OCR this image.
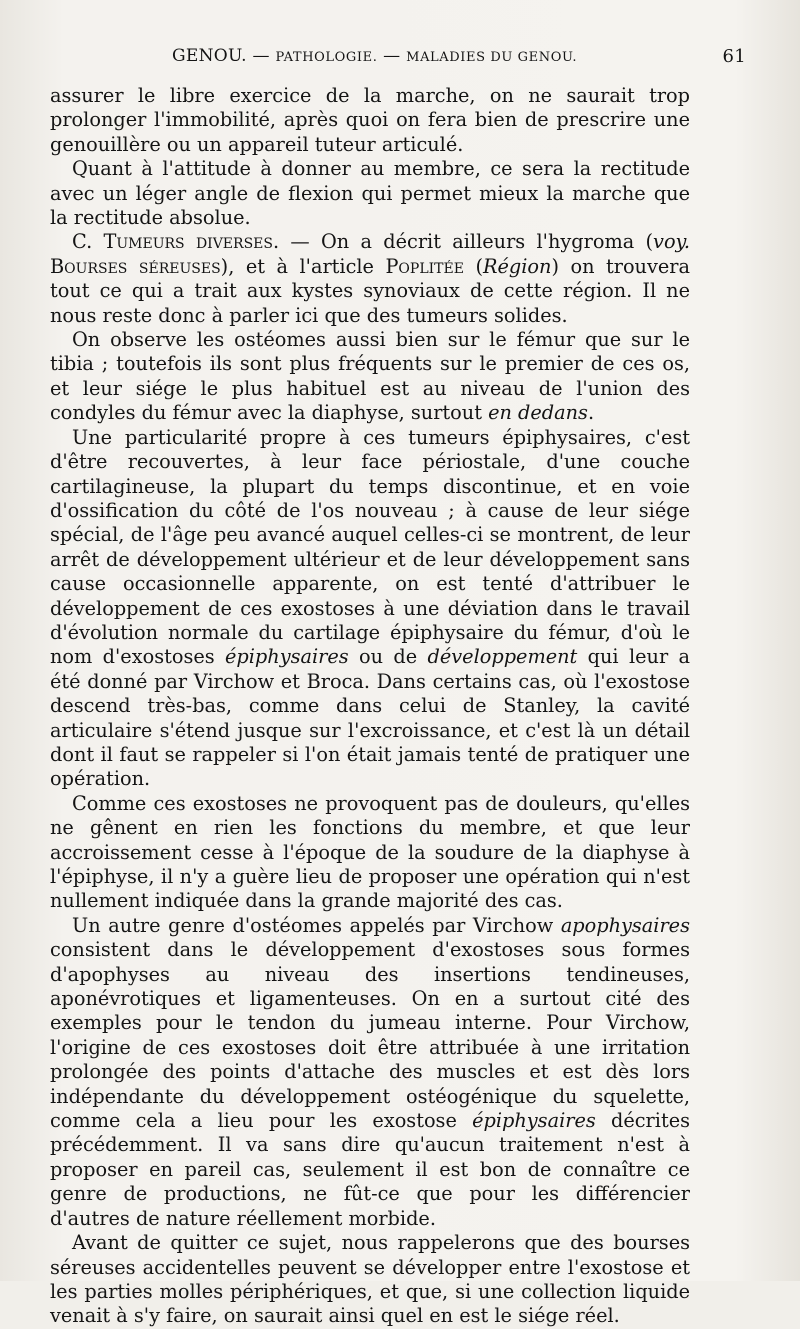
GENOU. — PATHOLOGIE. — MALADIES DU GENOU.	61

assurer le libre exercice de la marche, on ne saurait trop prolonger l'immobilité, après quoi on fera bien de prescrire une genouillère ou un appareil tuteur articulé.

Quant à l'attitude à donner au membre, ce sera la rectitude avec un léger angle de flexion qui permet mieux la marche que la rectitude absolue.

C. Tumeurs diverses. — On a décrit ailleurs l'hygroma (voy. Bourses séreuses), et à l'article Poplitée (Région) on trouvera tout ce qui a trait aux kystes synoviaux de cette région. Il ne nous reste donc à parler ici que des tumeurs solides.

On observe les ostéomes aussi bien sur le fémur que sur le tibia ; toutefois ils sont plus fréquents sur le premier de ces os, et leur siége le plus habituel est au niveau de l'union des condyles du fémur avec la diaphyse, surtout en dedans.

Une particularité propre à ces tumeurs épiphysaires, c'est d'être recouvertes, à leur face périostale, d'une couche cartilagineuse, la plupart du temps discontinue, et en voie d'ossification du côté de l'os nouveau ; à cause de leur siége spécial, de l'âge peu avancé auquel celles-ci se montrent, de leur arrêt de développement ultérieur et de leur développement sans cause occasionnelle apparente, on est tenté d'attribuer le développement de ces exostoses à une déviation dans le travail d'évolution normale du cartilage épiphysaire du fémur, d'où le nom d'exostoses épiphysaires ou de développement qui leur a été donné par Virchow et Broca. Dans certains cas, où l'exostose descend très-bas, comme dans celui de Stanley, la cavité articulaire s'étend jusque sur l'excroissance, et c'est là un détail dont il faut se rappeler si l'on était jamais tenté de pratiquer une opération.

Comme ces exostoses ne provoquent pas de douleurs, qu'elles ne gênent en rien les fonctions du membre, et que leur accroissement cesse à l'époque de la soudure de la diaphyse à l'épiphyse, il n'y a guère lieu de proposer une opération qui n'est nullement indiquée dans la grande majorité des cas.

Un autre genre d'ostéomes appelés par Virchow apophysaires consistent dans le développement d'exostoses sous formes d'apophyses au niveau des insertions tendineuses, aponévrotiques et ligamenteuses. On en a surtout cité des exemples pour le tendon du jumeau interne. Pour Virchow, l'origine de ces exostoses doit être attribuée à une irritation prolongée des points d'attache des muscles et est dès lors indépendante du développement ostéogénique du squelette, comme cela a lieu pour les exostose épiphysaires décrites précédemment. Il va sans dire qu'aucun traitement n'est à proposer en pareil cas, seulement il est bon de connaître ce genre de productions, ne fût-ce que pour les différencier d'autres de nature réellement morbide.

Avant de quitter ce sujet, nous rappelerons que des bourses séreuses accidentelles peuvent se développer entre l'exostose et les parties molles périphériques, et que, si une collection liquide venait à s'y faire, on saurait ainsi quel en est le siége réel.
